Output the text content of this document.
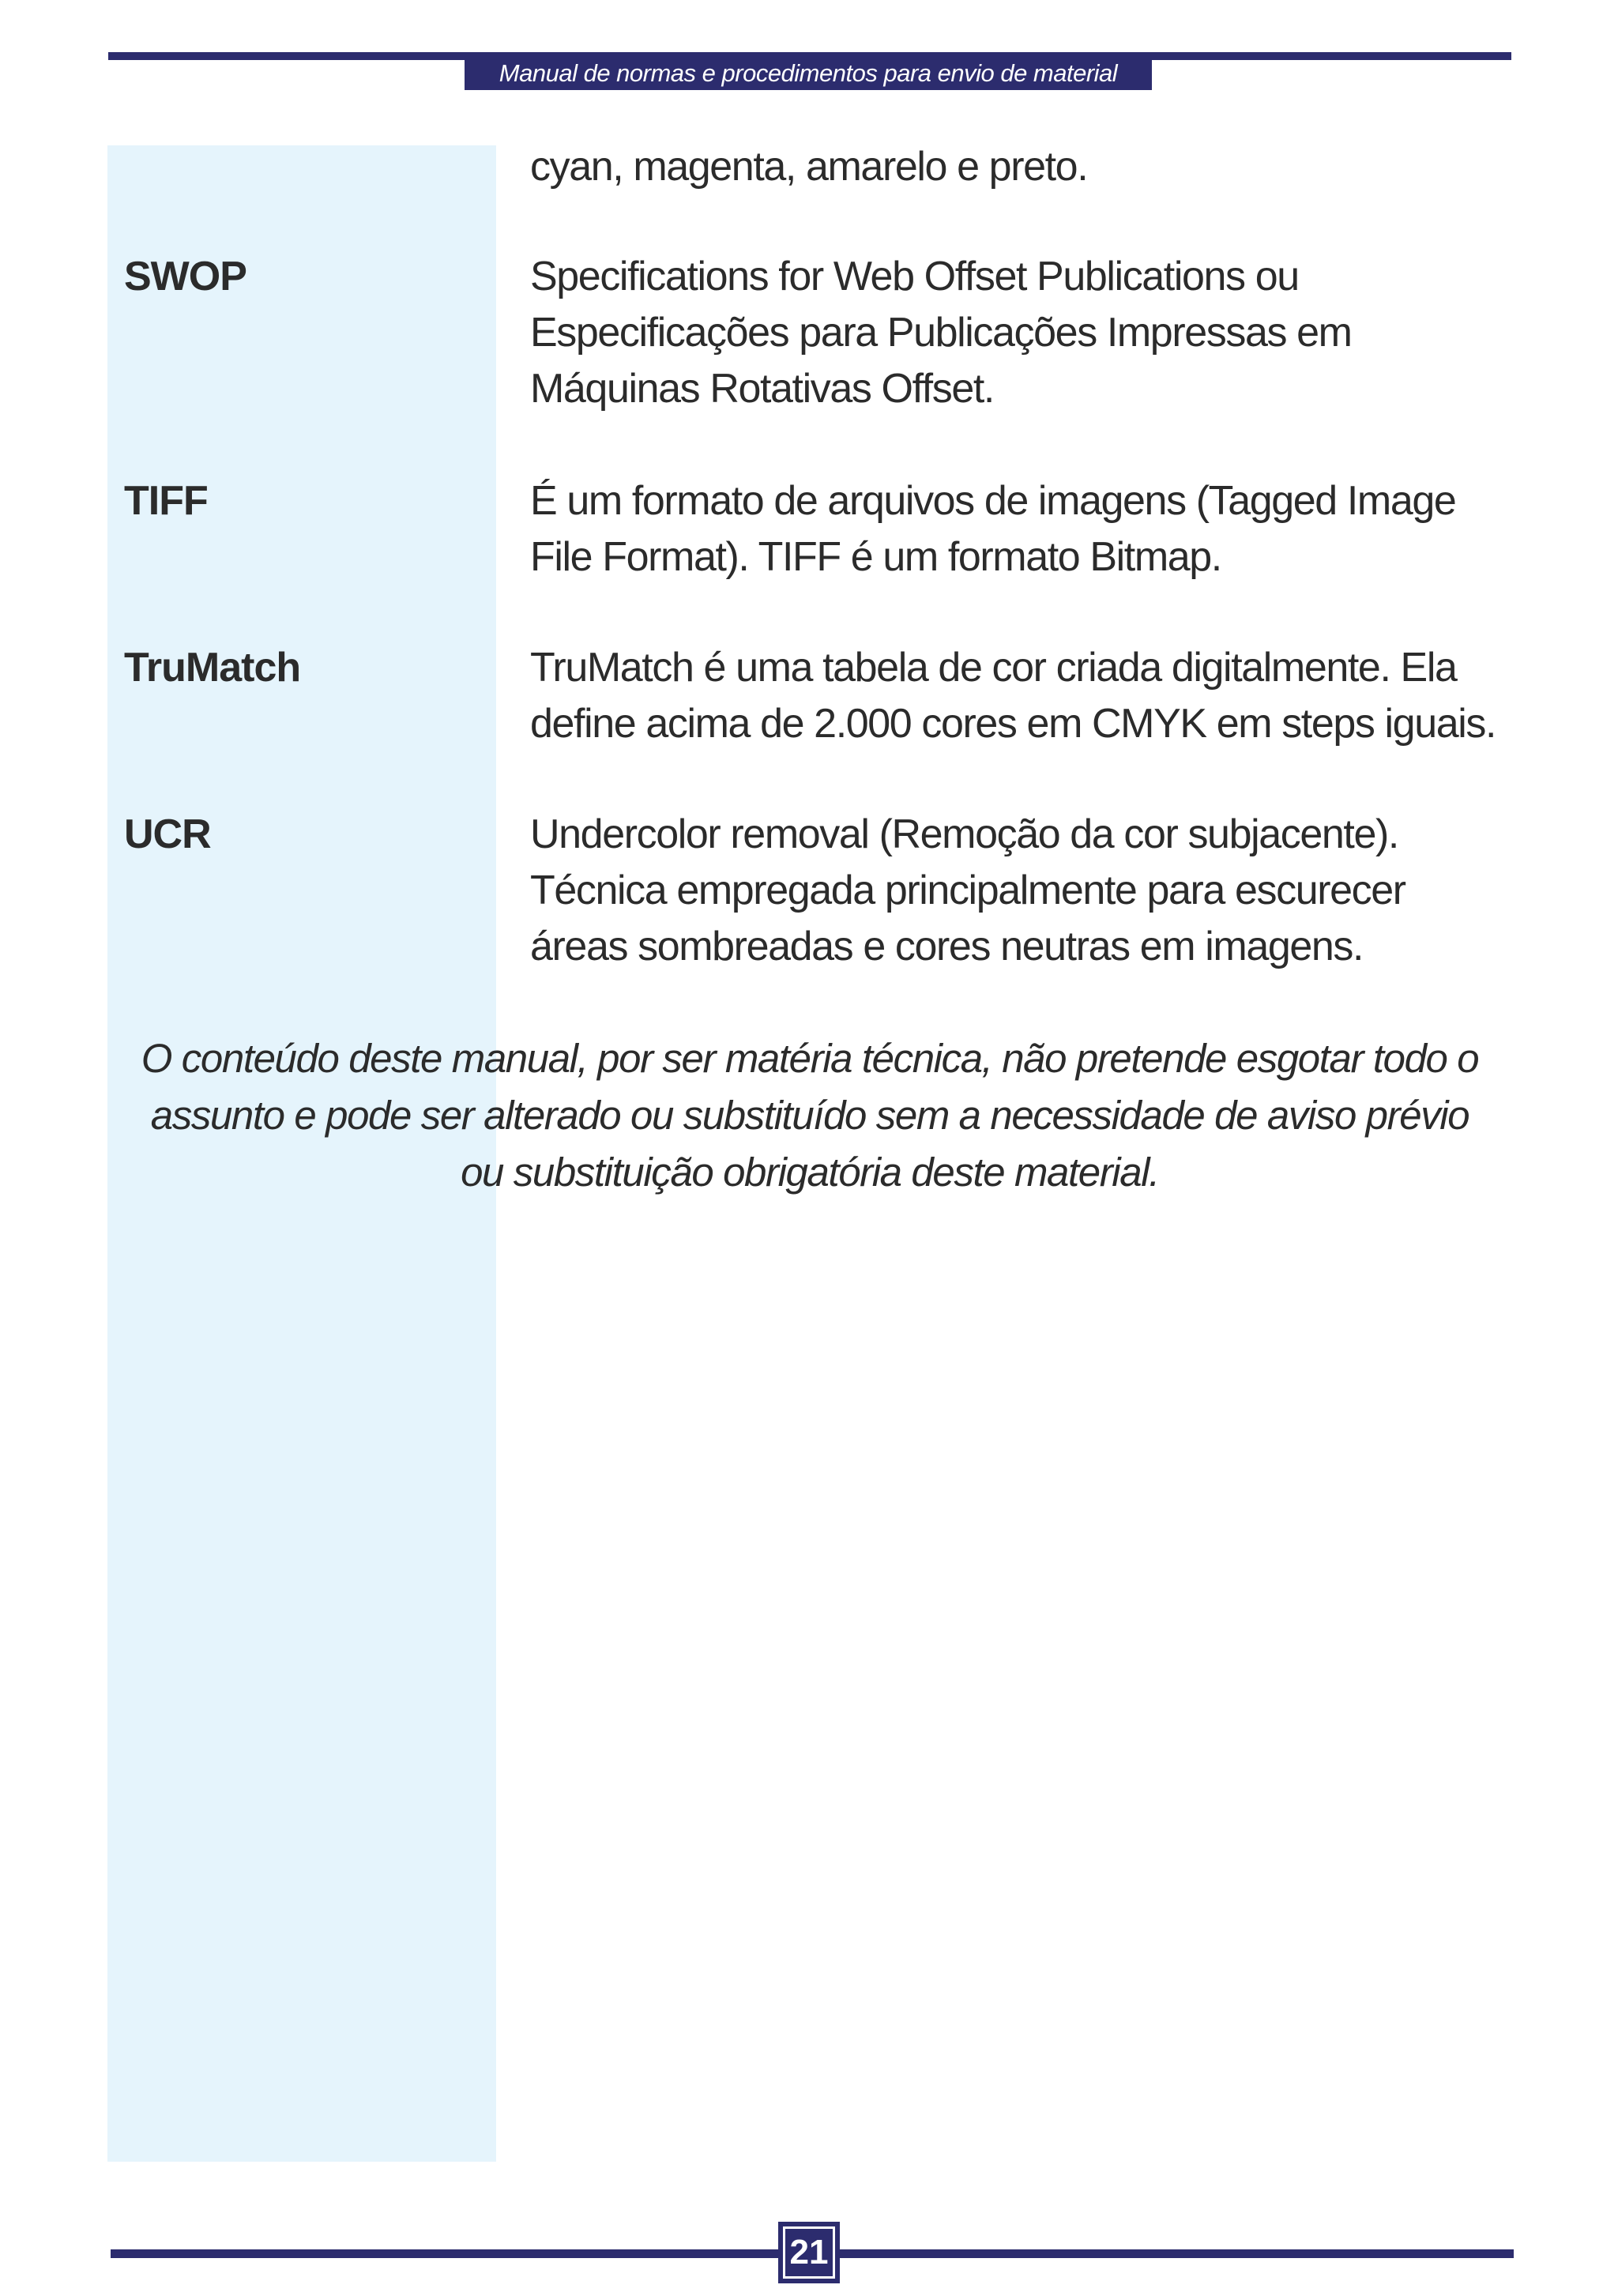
Manual de normas e procedimentos para envio de material
cyan, magenta, amarelo e preto.
SWOP	Specifications for Web Offset Publications ou
Especificações para Publicações Impressas em
Máquinas Rotativas Offset.
TIFF	É um formato de arquivos de imagens (Tagged Image
File Format). TIFF é um formato Bitmap.
TruMatch	TruMatch é uma tabela de cor criada digitalmente. Ela
define acima de 2.000 cores em CMYK em steps iguais.
UCR	Undercolor removal (Remoção da cor subjacente).
Técnica empregada principalmente para escurecer
áreas sombreadas e cores neutras em imagens.
O conteúdo deste manual, por ser matéria técnica, não pretende esgotar todo o
assunto e pode ser alterado ou substituído sem a necessidade de aviso prévio
ou substituição obrigatória deste material.
21
